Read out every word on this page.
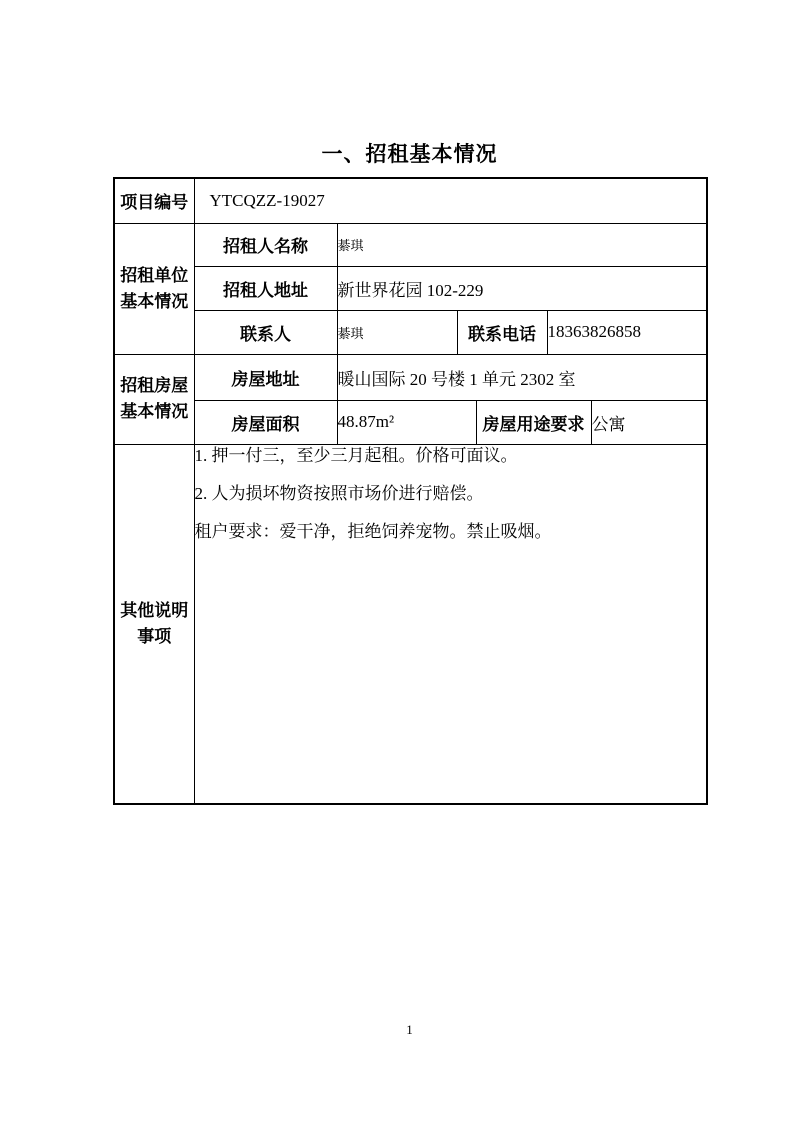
一、招租基本情况
项目编号	YTCQZZ-19027					

招租单位
基本情况	招租人名称	綦琪				
	招租人地址	新世界花园 102-229				
	联系人	綦琪	联系电话		18363826858	

招租房屋
基本情况	房屋地址	暖山国际 20 号楼 1 单元 2302 室				
	房屋面积	48.87m²		房屋用途要求		公寓

其他说明
事项

1. 押一付三，至少三月起租。价格可面议。

2. 人为损坏物资按照市场价进行赔偿。

租户要求：爱干净，拒绝饲养宠物。禁止吸烟。

1
